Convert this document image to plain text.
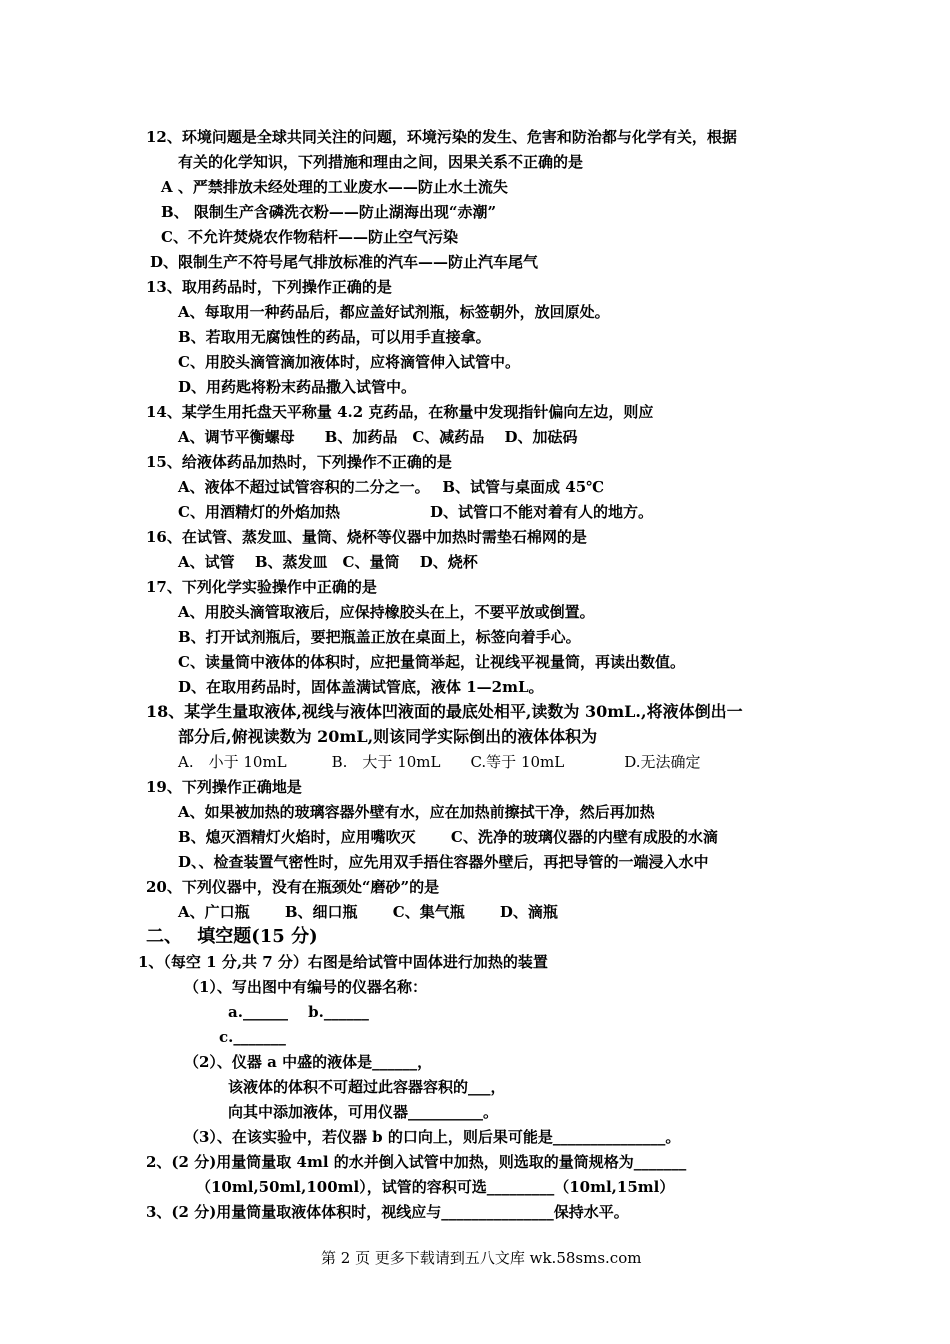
12、环境问题是全球共同关注的问题，环境污染的发生、危害和防治都与化学有关，根据
有关的化学知识，下列措施和理由之间，因果关系不正确的是
A 、严禁排放未经处理的工业废水——防止水土流失
B、 限制生产含磷洗衣粉——防止湖海出现“赤潮”
C、不允许焚烧农作物秸杆——防止空气污染
D、限制生产不符号尾气排放标准的汽车——防止汽车尾气
13、取用药品时，下列操作正确的是
A、每取用一种药品后，都应盖好试剂瓶，标签朝外，放回原处。
B、若取用无腐蚀性的药品，可以用手直接拿。
C、用胶头滴管滴加液体时，应将滴管伸入试管中。
D、用药匙将粉末药品撒入试管中。
14、某学生用托盘天平称量 4.2 克药品，在称量中发现指针偏向左边，则应
A、调节平衡螺母　　B、加药品　C、减药品　 D、加砝码
15、给液体药品加热时，下列操作不正确的是
A、液体不超过试管容积的二分之一。　 B、试管与桌面成 45℃
C、用酒精灯的外焰加热　　　　　　D、试管口不能对着有人的地方。
16、在试管、蒸发皿、量筒、烧杯等仪器中加热时需垫石棉网的是
A、试管　 B、蒸发皿　C、量筒　 D、烧杯
17、下列化学实验操作中正确的是
A、用胶头滴管取液后，应保持橡胶头在上，不要平放或倒置。
B、打开试剂瓶后，要把瓶盖正放在桌面上，标签向着手心。
C、读量筒中液体的体积时，应把量筒举起，让视线平视量筒，再读出数值。
D、在取用药品时，固体盖满试管底，液体 1—2mL。
18、某学生量取液体,视线与液体凹液面的最底处相平,读数为 30mL.,将液体倒出一
部分后,俯视读数为 20mL,则该同学实际倒出的液体体积为
A.　小于 10mL　　　B.　大于 10mL　　C.等于 10mL　　　　D.无法确定
19、下列操作正确地是
A、如果被加热的玻璃容器外壁有水，应在加热前擦拭干净，然后再加热
B、熄灭酒精灯火焰时，应用嘴吹灭　　 C、洗净的玻璃仪器的内壁有成股的水滴
D、、检查装置气密性时，应先用双手捂住容器外壁后，再把导管的一端浸入水中
20、下列仪器中，没有在瓶颈处“磨砂”的是
A、广口瓶　　 B、细口瓶　　 C、集气瓶　　 D、滴瓶
二、　 填空题(15 分)
1、（每空 1 分,共 7 分）右图是给试管中固体进行加热的装置
（1）、写出图中有编号的仪器名称：
a.______　 b.______
c._______
（2）、仪器 a 中盛的液体是______，
该液体的体积不可超过此容器容积的___，
向其中添加液体，可用仪器__________。
（3）、在该实验中，若仪器 b 的口向上，则后果可能是_______________。
2、(2 分)用量筒量取 4ml 的水并倒入试管中加热，则选取的量筒规格为_______
（10ml,50ml,100ml），试管的容积可选_________（10ml,15ml）
3、(2 分)用量筒量取液体体积时，视线应与_______________保持水平。
第 2 页 更多下载请到五八文库 wk.58sms.com
